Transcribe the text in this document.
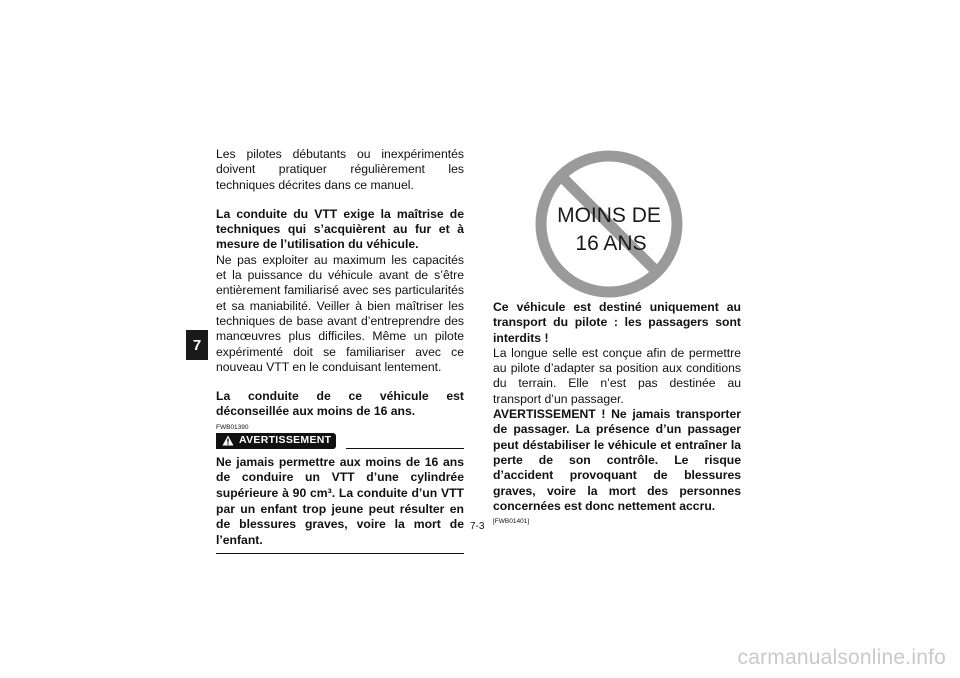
7

Les pilotes débutants ou inexpérimentés doivent pratiquer régulièrement les techniques décrites dans ce manuel.

La conduite du VTT exige la maîtrise de techniques qui s’acquièrent au fur et à mesure de l’utilisation du véhicule.

Ne pas exploiter au maximum les capacités et la puissance du véhicule avant de s’être entièrement familiarisé avec ses particularités et sa maniabilité. Veiller à bien maîtriser les techniques de base avant d’entreprendre des manœuvres plus difficiles. Même un pilote expérimenté doit se familiariser avec ce nouveau VTT en le conduisant lentement.

La conduite de ce véhicule est déconseillée aux moins de 16 ans.

FWB01390
AVERTISSEMENT

Ne jamais permettre aux moins de 16 ans de conduire un VTT d’une cylindrée supérieure à 90 cm³. La conduite d’un VTT par un enfant trop jeune peut résulter en de blessures graves, voire la mort de l’enfant.

MOINS DE
16 ANS

Ce véhicule est destiné uniquement au transport du pilote : les passagers sont interdits !

La longue selle est conçue afin de permettre au pilote d’adapter sa position aux conditions du terrain. Elle n’est pas destinée au transport d’un passager.

AVERTISSEMENT ! Ne jamais transporter de passager. La présence d’un passager peut déstabiliser le véhicule et entraîner la perte de son contrôle. Le risque d’accident provoquant de blessures graves, voire la mort des personnes concernées est donc nettement accru.

[FWB01401]
7-3
carmanualsonline.info
